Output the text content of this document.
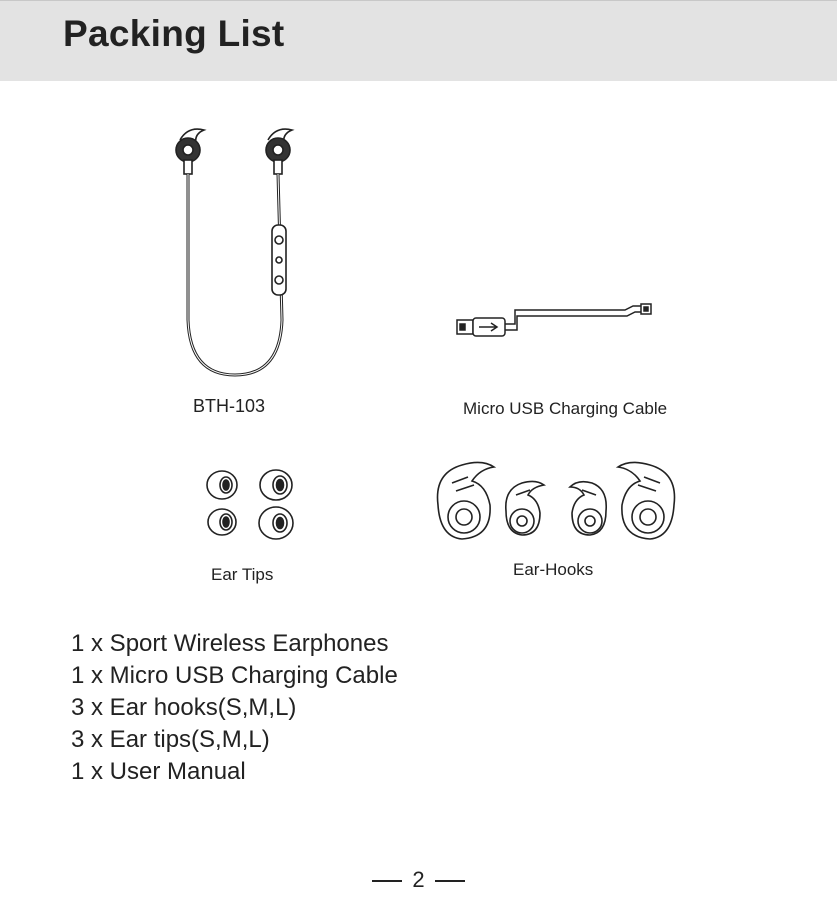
Packing List
BTH-103	Micro USB Charging Cable
Ear Tips	Ear-Hooks
1 x Sport Wireless Earphones
1 x Micro USB Charging Cable
3 x Ear hooks(S,M,L)
3 x Ear tips(S,M,L)
1 x User Manual
2
